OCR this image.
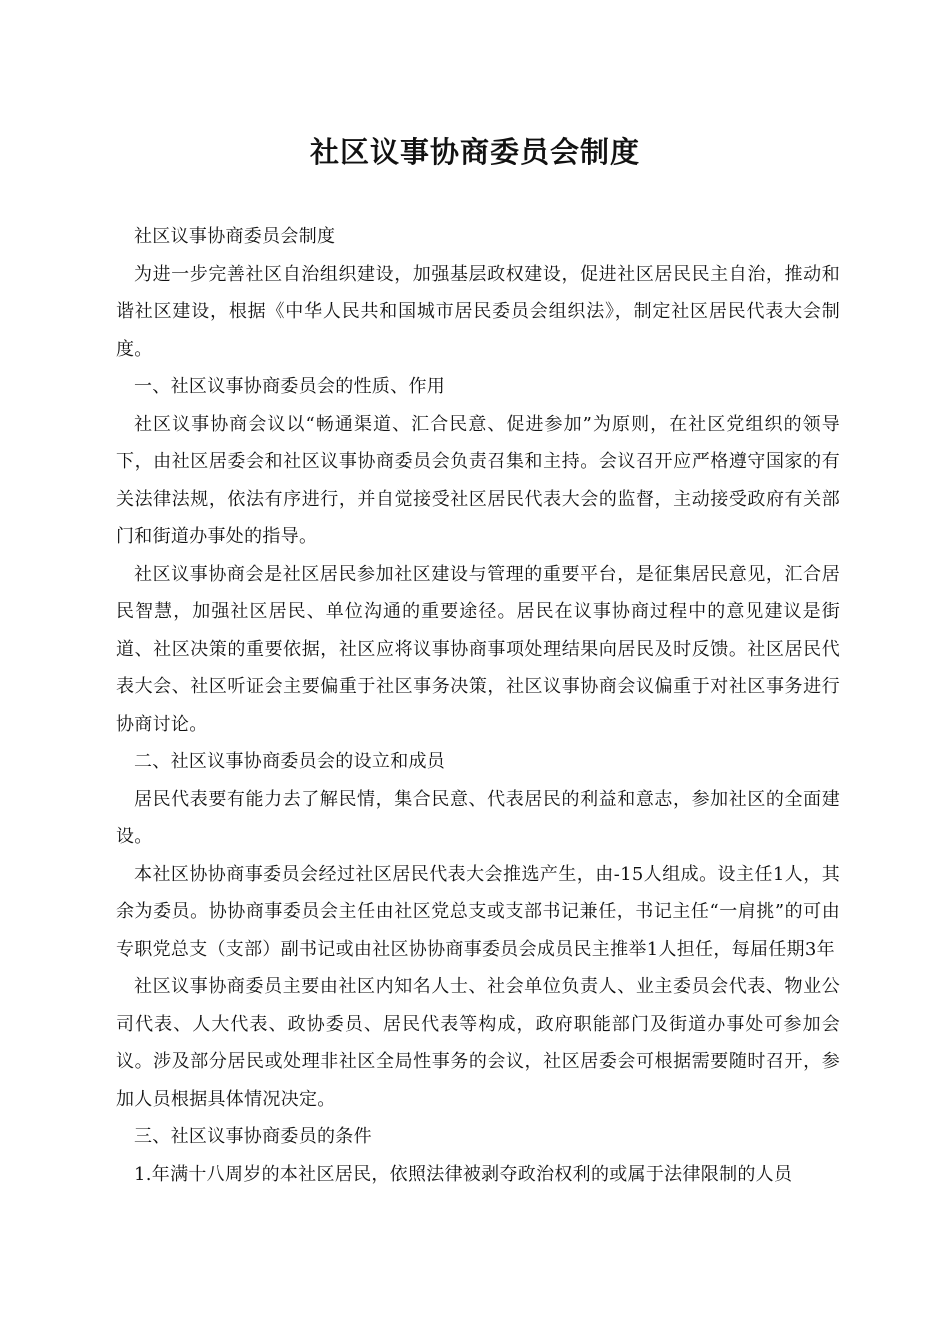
社区议事协商委员会制度

社区议事协商委员会制度

为进一步完善社区自治组织建设，加强基层政权建设，促进社区居民民主自治，推动和谐社区建设，根据《中华人民共和国城市居民委员会组织法》，制定社区居民代表大会制度。

一、社区议事协商委员会的性质、作用

社区议事协商会议以“畅通渠道、汇合民意、促进参加”为原则，在社区党组织的领导下，由社区居委会和社区议事协商委员会负责召集和主持。会议召开应严格遵守国家的有关法律法规，依法有序进行，并自觉接受社区居民代表大会的监督，主动接受政府有关部门和街道办事处的指导。

社区议事协商会是社区居民参加社区建设与管理的重要平台，是征集居民意见，汇合居民智慧，加强社区居民、单位沟通的重要途径。居民在议事协商过程中的意见建议是街道、社区决策的重要依据，社区应将议事协商事项处理结果向居民及时反馈。社区居民代表大会、社区听证会主要偏重于社区事务决策，社区议事协商会议偏重于对社区事务进行协商讨论。

二、社区议事协商委员会的设立和成员

居民代表要有能力去了解民情，集合民意、代表居民的利益和意志，参加社区的全面建设。

本社区协协商事委员会经过社区居民代表大会推选产生，由-15人组成。设主任1人，其余为委员。协协商事委员会主任由社区党总支或支部书记兼任，书记主任“一肩挑”的可由专职党总支（支部）副书记或由社区协协商事委员会成员民主推举1人担任，每届任期3年

社区议事协商委员主要由社区内知名人士、社会单位负责人、业主委员会代表、物业公司代表、人大代表、政协委员、居民代表等构成，政府职能部门及街道办事处可参加会议。涉及部分居民或处理非社区全局性事务的会议，社区居委会可根据需要随时召开，参加人员根据具体情况决定。

三、社区议事协商委员的条件

1.年满十八周岁的本社区居民，依照法律被剥夺政治权利的或属于法律限制的人员
